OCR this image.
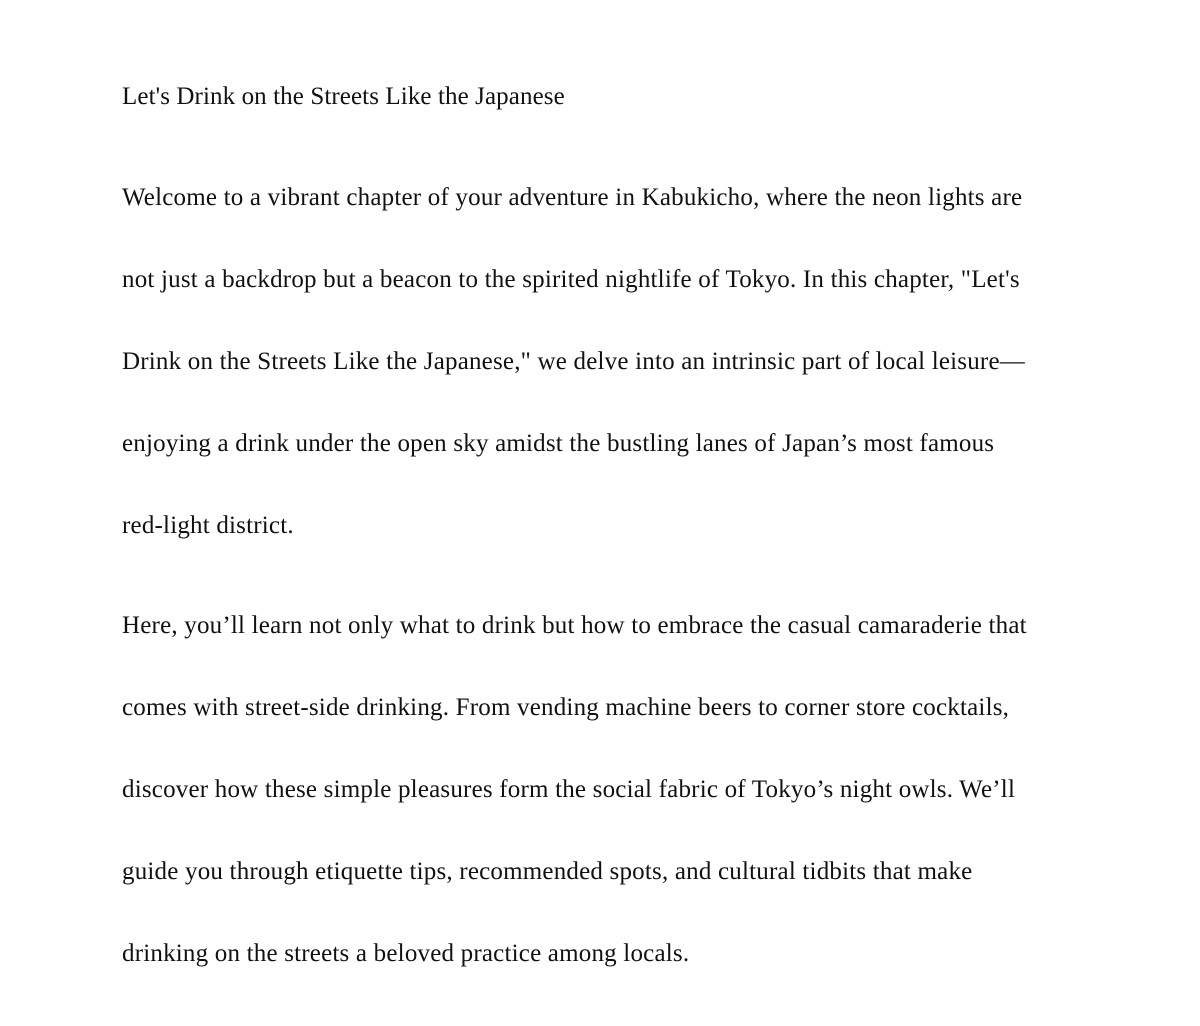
Let's Drink on the Streets Like the Japanese

Welcome to a vibrant chapter of your adventure in Kabukicho, where the neon lights are
not just a backdrop but a beacon to the spirited nightlife of Tokyo. In this chapter, "Let's
Drink on the Streets Like the Japanese," we delve into an intrinsic part of local leisure—
enjoying a drink under the open sky amidst the bustling lanes of Japan’s most famous
red-light district.

Here, you’ll learn not only what to drink but how to embrace the casual camaraderie that
comes with street-side drinking. From vending machine beers to corner store cocktails,
discover how these simple pleasures form the social fabric of Tokyo’s night owls. We’ll
guide you through etiquette tips, recommended spots, and cultural tidbits that make
drinking on the streets a beloved practice among locals.
